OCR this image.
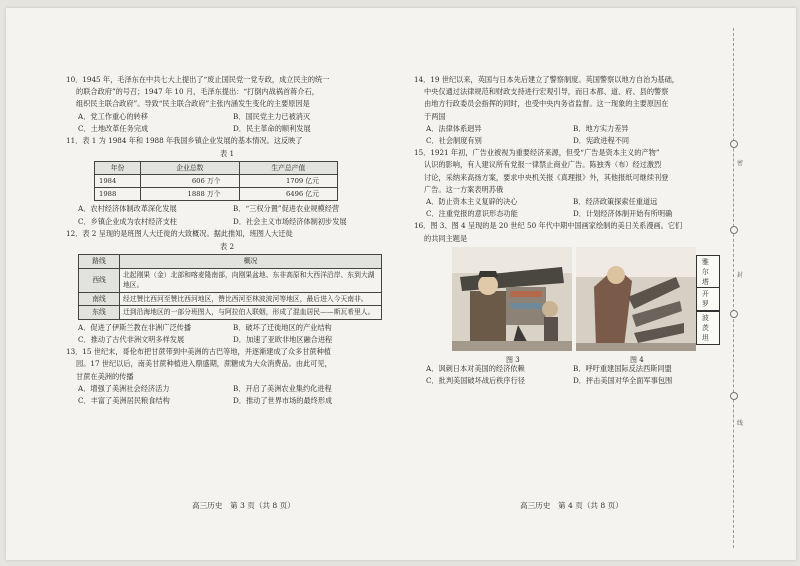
10．1945 年，毛泽东在中共七大上提出了“废止国民党一党专政，成立民主的统一
的联合政府”的号召；1947 年 10 月，毛泽东提出：“打倒内战祸首蒋介石，
组织民主联合政府”。导致“民主联合政府”主张内涵发生变化的主要原因是
A．党工作重心的转移	B．国民党主力已被消灭
C．土地改革任务完成	D．民主革命的顺利发展
11．表 1 为 1984 年和 1988 年我国乡镇企业发展的基本情况。这反映了
表 1
年份	企业总数	生产总产值
1984	606 万个	1709 亿元
1988	1888 万个	6496 亿元
A．农村经济体制改革深化发展	B．“三权分置”促进农业规模经营
C．乡镇企业成为农村经济支柱	D．社会主义市场经济体制初步发展
12．表 2 呈现的是班图人大迁徙的大致概况。据此推知，班图人大迁徙
表 2
路线	概况
西线	北起刚果（金）北部和喀麦隆南部，向刚果盆地、东非高原和大西洋沿岸、东到大湖地区。
南线	经过赞比西河至赞比西河地区，赞比西河至林波波河等地区，最后进入今天南非。
东线	迁到沿海地区的一部分班图人，与阿拉伯人联姻，形成了混血居民——斯瓦希里人。
A．促进了伊斯兰教在非洲广泛传播	B．破坏了迁徙地区的产业结构
C．推动了古代非洲文明多样发展	D．加速了亚欧非地区融合进程
13．15 世纪末，哥伦布把甘蔗带到中美洲的古巴等地，并逐渐建成了众多甘蔗种植
园。17 世纪以后，南美甘蔗种植进入鼎盛期，蔗糖成为大众消费品。由此可见，
甘蔗在美洲的传播
A．增强了美洲社会经济活力	B．开启了美洲农业集约化进程
C．丰富了美洲居民粮食结构	D．推动了世界市场的最终形成
14．19 世纪以来，英国与日本先后建立了警察制度。英国警察以地方自治为基础，
中央仅通过法律规范和财政支持进行宏观引导，而日本都、道、府、县的警察
由地方行政委员会指挥的同时，也受中央内务省监督。这一现象的主要原因在
于两国
A．法律体系迥异	B．地方实力差异
C．社会制度有别	D．宪政进程不同
15．1921 年初，广告业被视为重要经济来源，但受“广告是资本主义的产物”
认识的影响，有人建议所有党报一律禁止商业广告。陈独秀（布）经过激烈
讨论，采纳来高扬方案，要求中央机关报《真理报》外，其他报纸可继续刊登
广告。这一方案表明苏俄
A．防止资本主义复辟的决心	B．经济政策探索任重道远
C．注重党报的意识形态功能	D．计划经济体制开始有所明确
16．图 3、图 4 呈现的是 20 世纪 50 年代中期中国画家绘制的美日关系漫画。它们
的共同主题是
雅尔塔
开罗
波茨坦
图 3	图 4
A．讽刺日本对美国的经济依赖	B．呼吁重建国际反法西斯同盟
C．批判美国破坏战后秩序行径	D．抨击美国对华全面军事包围
高三历史　第 3 页（共 8 页）	高三历史　第 4 页（共 8 页）
密
封
线
